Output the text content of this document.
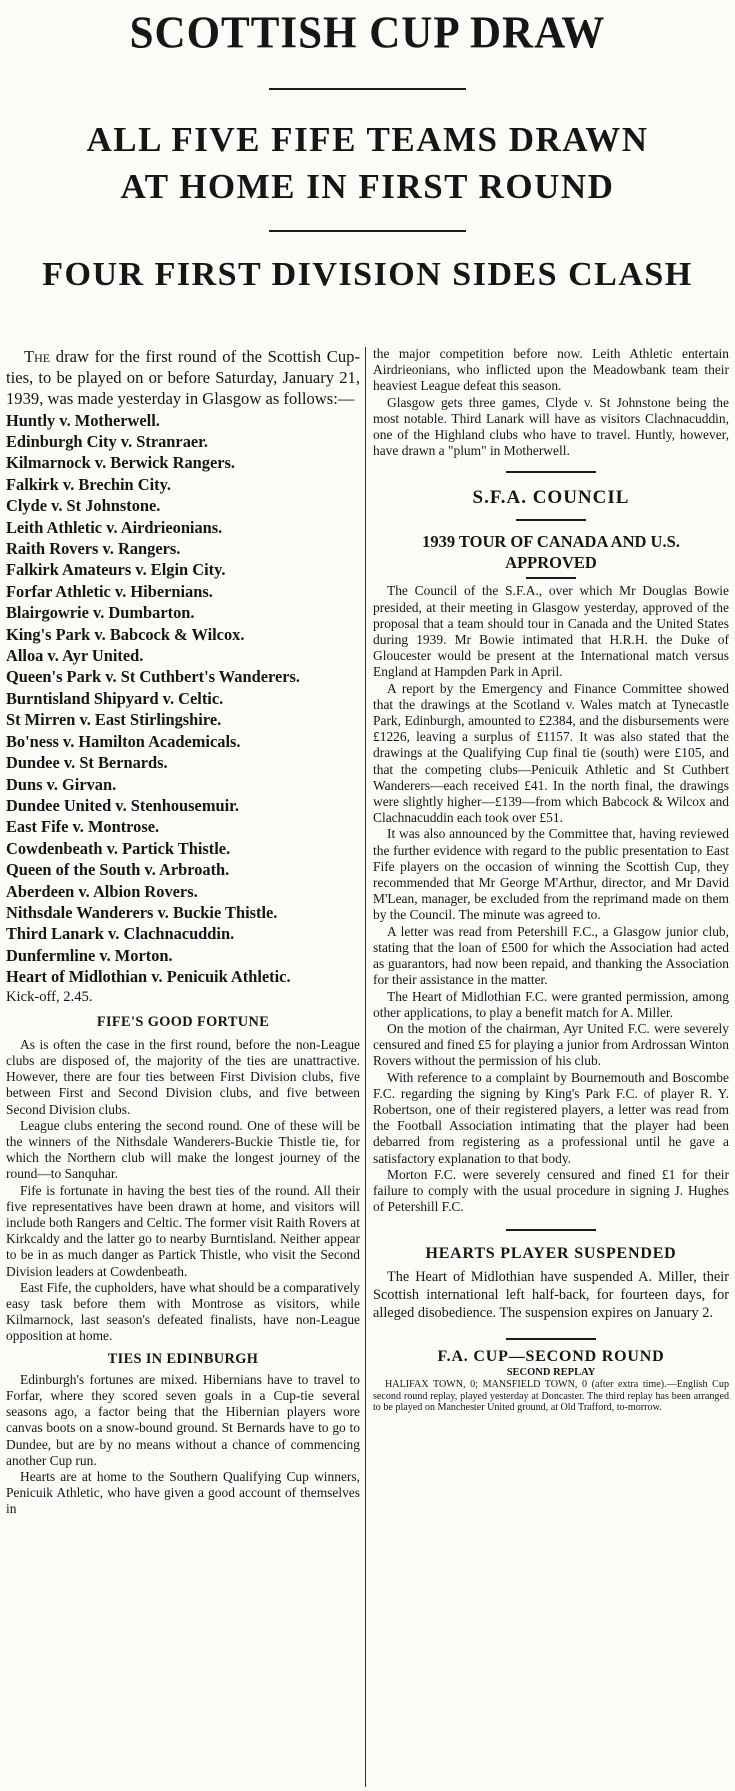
SCOTTISH CUP DRAW
ALL FIVE FIFE TEAMS DRAWN AT HOME IN FIRST ROUND
FOUR FIRST DIVISION SIDES CLASH

The draw for the first round of the Scottish Cup-ties, to be played on or before Saturday, January 21, 1939, was made yesterday in Glasgow as follows:—

Huntly v. Motherwell.
Edinburgh City v. Stranraer.
Kilmarnock v. Berwick Rangers.
Falkirk v. Brechin City.
Clyde v. St Johnstone.
Leith Athletic v. Airdrieonians.
Raith Rovers v. Rangers.
Falkirk Amateurs v. Elgin City.
Forfar Athletic v. Hibernians.
Blairgowrie v. Dumbarton.
King's Park v. Babcock & Wilcox.
Alloa v. Ayr United.
Queen's Park v. St Cuthbert's Wanderers.
Burntisland Shipyard v. Celtic.
St Mirren v. East Stirlingshire.
Bo'ness v. Hamilton Academicals.
Dundee v. St Bernards.
Duns v. Girvan.
Dundee United v. Stenhousemuir.
East Fife v. Montrose.
Cowdenbeath v. Partick Thistle.
Queen of the South v. Arbroath.
Aberdeen v. Albion Rovers.
Nithsdale Wanderers v. Buckie Thistle.
Third Lanark v. Clachnacuddin.
Dunfermline v. Morton.
Heart of Midlothian v. Penicuik Athletic.

Kick-off, 2.45.

FIFE'S GOOD FORTUNE

As is often the case in the first round, before the non-League clubs are disposed of, the majority of the ties are unattractive. However, there are four ties between First Division clubs, five between First and Second Division clubs, and five between Second Division clubs.

League clubs entering the second round. One of these will be the winners of the Nithsdale Wanderers-Buckie Thistle tie, for which the Northern club will make the longest journey of the round—to Sanquhar.

Fife is fortunate in having the best ties of the round. All their five representatives have been drawn at home, and visitors will include both Rangers and Celtic. The former visit Raith Rovers at Kirkcaldy and the latter go to nearby Burntisland. Neither appear to be in as much danger as Partick Thistle, who visit the Second Division leaders at Cowdenbeath.

East Fife, the cupholders, have what should be a comparatively easy task before them with Montrose as visitors, while Kilmarnock, last season's defeated finalists, have non-League opposition at home.

TIES IN EDINBURGH

Edinburgh's fortunes are mixed. Hibernians have to travel to Forfar, where they scored seven goals in a Cup-tie several seasons ago, a factor being that the Hibernian players wore canvas boots on a snow-bound ground. St Bernards have to go to Dundee, but are by no means without a chance of commencing another Cup run.

Hearts are at home to the Southern Qualifying Cup winners, Penicuik Athletic, who have given a good account of themselves in

the major competition before now. Leith Athletic entertain Airdrieonians, who inflicted upon the Meadowbank team their heaviest League defeat this season.

Glasgow gets three games, Clyde v. St Johnstone being the most notable. Third Lanark will have as visitors Clachnacuddin, one of the Highland clubs who have to travel. Huntly, however, have drawn a "plum" in Motherwell.

S.F.A. COUNCIL
1939 TOUR OF CANADA AND U.S. APPROVED

The Council of the S.F.A., over which Mr Douglas Bowie presided, at their meeting in Glasgow yesterday, approved of the proposal that a team should tour in Canada and the United States during 1939. Mr Bowie intimated that H.R.H. the Duke of Gloucester would be present at the International match versus England at Hampden Park in April.

A report by the Emergency and Finance Committee showed that the drawings at the Scotland v. Wales match at Tynecastle Park, Edinburgh, amounted to £2384, and the disbursements were £1226, leaving a surplus of £1157. It was also stated that the drawings at the Qualifying Cup final tie (south) were £105, and that the competing clubs—Penicuik Athletic and St Cuthbert Wanderers—each received £41. In the north final, the drawings were slightly higher—£139—from which Babcock & Wilcox and Clachnacuddin each took over £51.

It was also announced by the Committee that, having reviewed the further evidence with regard to the public presentation to East Fife players on the occasion of winning the Scottish Cup, they recommended that Mr George M'Arthur, director, and Mr David M'Lean, manager, be excluded from the reprimand made on them by the Council. The minute was agreed to.

A letter was read from Petershill F.C., a Glasgow junior club, stating that the loan of £500 for which the Association had acted as guarantors, had now been repaid, and thanking the Association for their assistance in the matter.

The Heart of Midlothian F.C. were granted permission, among other applications, to play a benefit match for A. Miller.

On the motion of the chairman, Ayr United F.C. were severely censured and fined £5 for playing a junior from Ardrossan Winton Rovers without the permission of his club.

With reference to a complaint by Bournemouth and Boscombe F.C. regarding the signing by King's Park F.C. of player R. Y. Robertson, one of their registered players, a letter was read from the Football Association intimating that the player had been debarred from registering as a professional until he gave a satisfactory explanation to that body.

Morton F.C. were severely censured and fined £1 for their failure to comply with the usual procedure in signing J. Hughes of Petershill F.C.

HEARTS PLAYER SUSPENDED

The Heart of Midlothian have suspended A. Miller, their Scottish international left half-back, for fourteen days, for alleged disobedience. The suspension expires on January 2.

F.A. CUP—SECOND ROUND
SECOND REPLAY

HALIFAX TOWN, 0; MANSFIELD TOWN, 0 (after extra time).—English Cup second round replay, played yesterday at Doncaster. The third replay has been arranged to be played on Manchester United ground, at Old Trafford, to-morrow.
